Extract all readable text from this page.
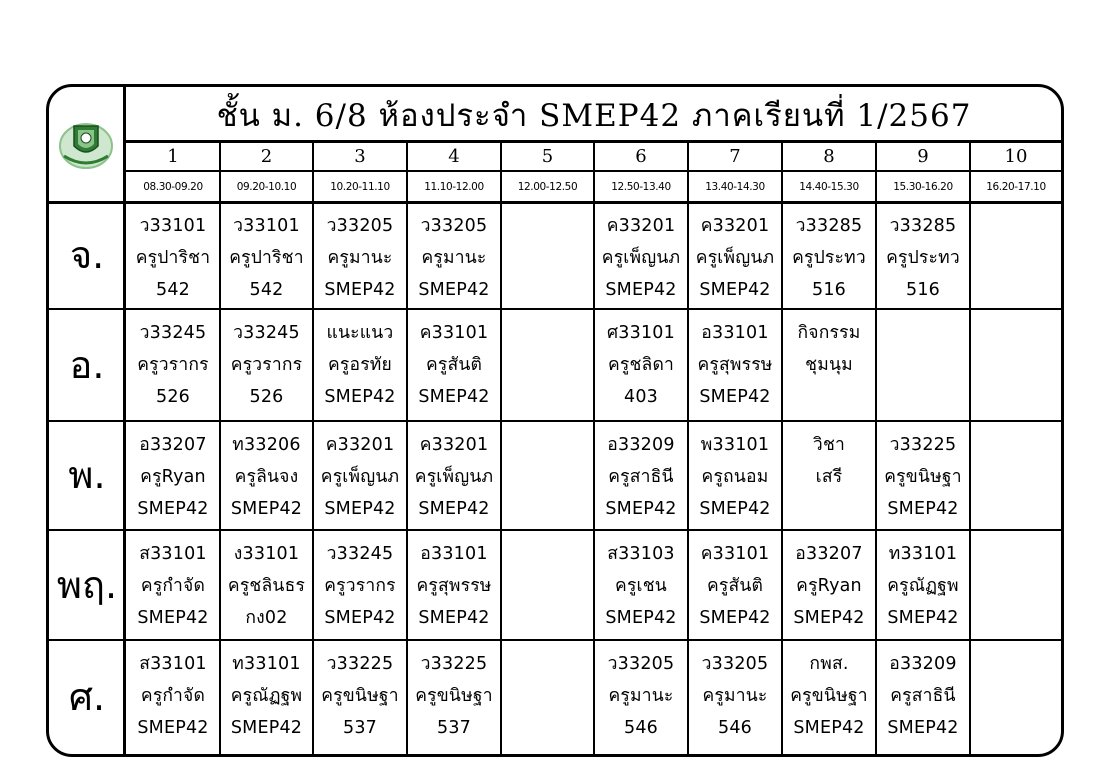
ชั้น ม. 6/8 ห้องประจำ SMEP42 ภาคเรียนที่ 1/2567
1
08.30-09.20
2
09.20-10.10
3
10.20-11.10
4
11.10-12.00
5
12.00-12.50
6
12.50-13.40
7
13.40-14.30
8
14.40-15.30
9
15.30-16.20
10
16.20-17.10
จ.
ว33101
ครูปาริชา
542
ว33101
ครูปาริชา
542
ว33205
ครูมานะ
SMEP42
ว33205
ครูมานะ
SMEP42
ค33201
ครูเพ็ญนภ
SMEP42
ค33201
ครูเพ็ญนภ
SMEP42
ว33285
ครูประทว
516
ว33285
ครูประทว
516
อ.
ว33245
ครูวรากร
526
ว33245
ครูวรากร
526
แนะแนว
ครูอรทัย
SMEP42
ค33101
ครูสันติ
SMEP42
ศ33101
ครูชลิดา
403
อ33101
ครูสุพรรษ
SMEP42
กิจกรรม
ชุมนุม
พ.
อ33207
ครูRyan
SMEP42
ท33206
ครูลินจง
SMEP42
ค33201
ครูเพ็ญนภ
SMEP42
ค33201
ครูเพ็ญนภ
SMEP42
อ33209
ครูสาธินี
SMEP42
พ33101
ครูถนอม
SMEP42
วิชา
เสรี
ว33225
ครูขนิษฐา
SMEP42
พฤ.
ส33101
ครูกำจัด
SMEP42
ง33101
ครูชลินธร
กง02
ว33245
ครูวรากร
SMEP42
อ33101
ครูสุพรรษ
SMEP42
ส33103
ครูเชน
SMEP42
ค33101
ครูสันติ
SMEP42
อ33207
ครูRyan
SMEP42
ท33101
ครูณัฏฐพ
SMEP42
ศ.
ส33101
ครูกำจัด
SMEP42
ท33101
ครูณัฏฐพ
SMEP42
ว33225
ครูขนิษฐา
537
ว33225
ครูขนิษฐา
537
ว33205
ครูมานะ
546
ว33205
ครูมานะ
546
กพส.
ครูขนิษฐา
SMEP42
อ33209
ครูสาธินี
SMEP42
